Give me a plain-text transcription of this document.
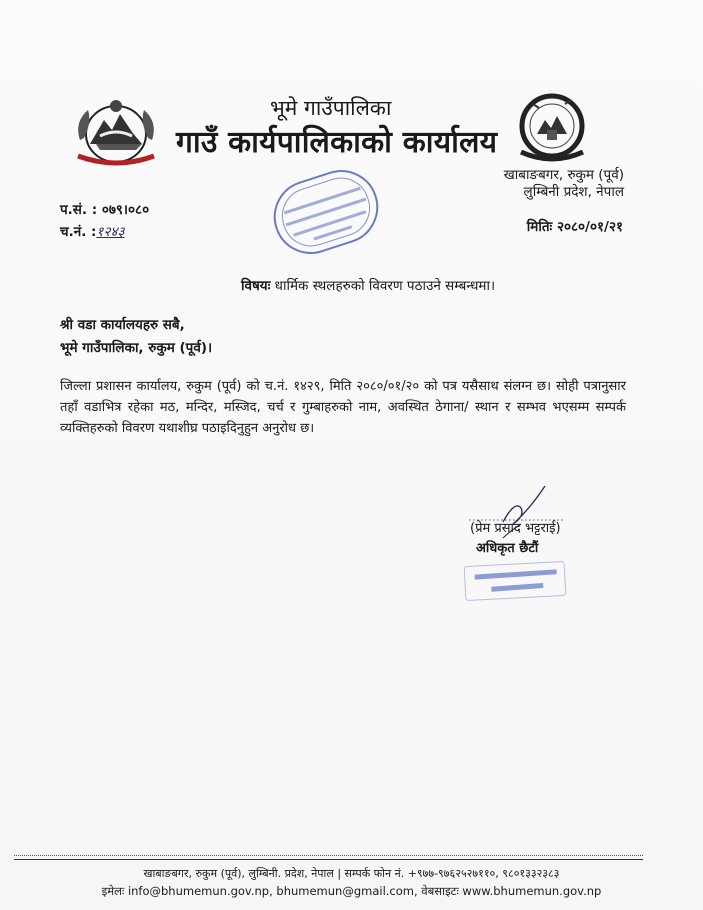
भूमे गाउँपालिका
गाउँ कार्यपालिकाको कार्यालय
खाबाङबगर, रुकुम (पूर्व)
लुम्बिनी प्रदेश, नेपाल
प.सं. : ०७९।०८०
च.नं. :१२४३	मितिः २०८०/०१/२१
विषयः धार्मिक स्थलहरुको विवरण पठाउने सम्बन्धमा।
श्री वडा कार्यालयहरु सबै,
भूमे गाउँपालिका, रुकुम (पूर्व)।
जिल्ला प्रशासन कार्यालय, रुकुम (पूर्व) को च.नं. १४२९, मिति २०८०/०१/२० को पत्र यसैसाथ संलग्न छ। सोही पत्रानुसार तहाँ वडाभित्र रहेका मठ, मन्दिर, मस्जिद, चर्च र गुम्बाहरुको नाम, अवस्थित ठेगाना/ स्थान र सम्भव भएसम्म सम्पर्क व्यक्तिहरुको विवरण यथाशीघ्र पठाइदिनुहुन अनुरोध छ।
(प्रेम प्रसाद भट्टराई)
अधिकृत छैटौं
खाबाङबगर, रुकुम (पूर्व), लुम्बिनी. प्रदेश, नेपाल | सम्पर्क फोन नं. +९७७-९७६२५२७११०, ९८०१३३२३८३
इमेलः info@bhumemun.gov.np, bhumemun@gmail.com, वेबसाइटः www.bhumemun.gov.np
